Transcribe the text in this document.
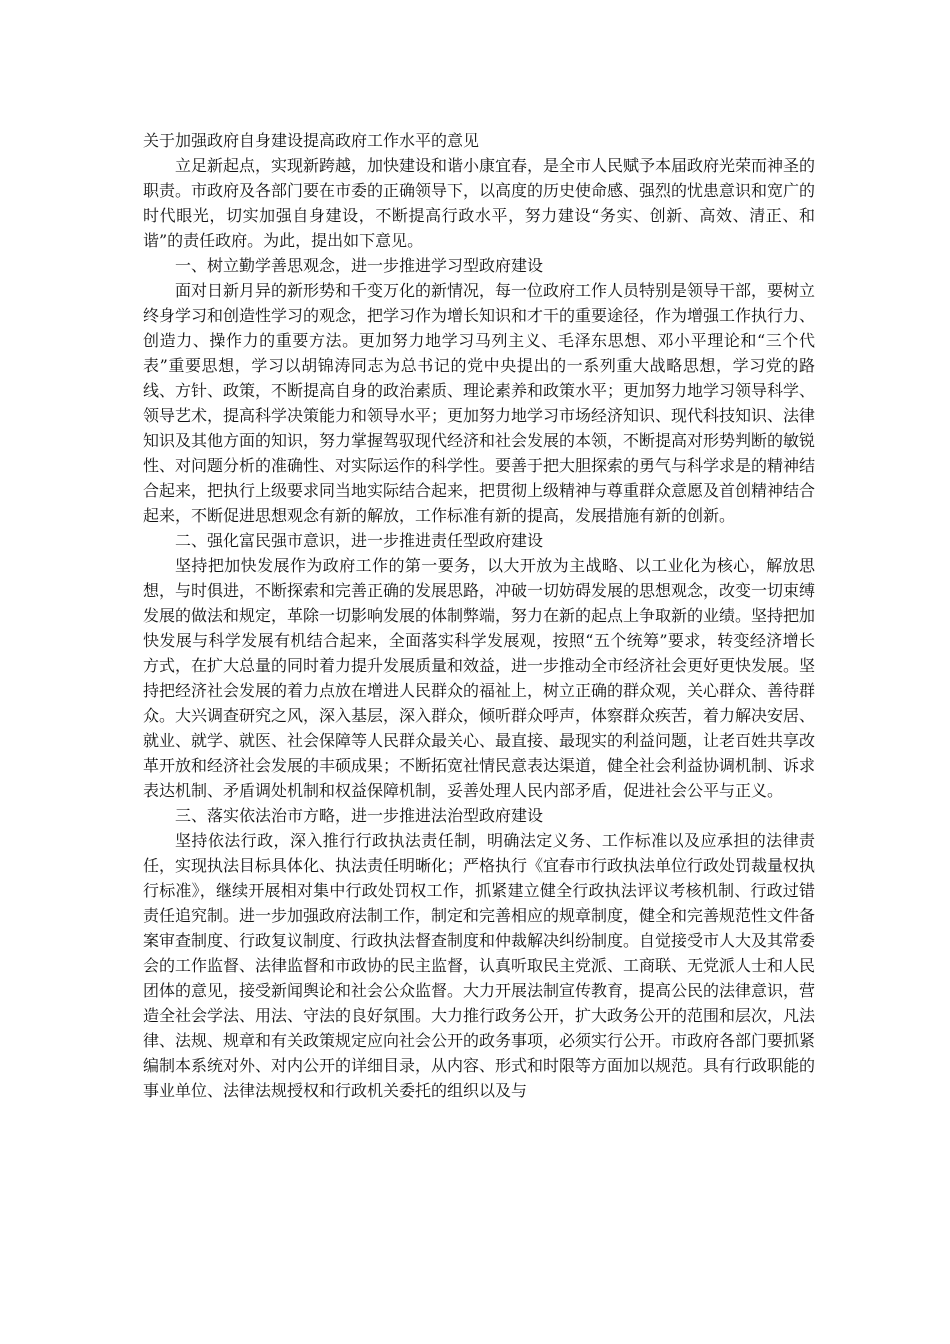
关于加强政府自身建设提高政府工作水平的意见

立足新起点，实现新跨越，加快建设和谐小康宜春，是全市人民赋予本届政府光荣而神圣的职责。市政府及各部门要在市委的正确领导下，以高度的历史使命感、强烈的忧患意识和宽广的时代眼光，切实加强自身建设，不断提高行政水平，努力建设“务实、创新、高效、清正、和谐”的责任政府。为此，提出如下意见。

一、树立勤学善思观念，进一步推进学习型政府建设

面对日新月异的新形势和千变万化的新情况，每一位政府工作人员特别是领导干部，要树立终身学习和创造性学习的观念，把学习作为增长知识和才干的重要途径，作为增强工作执行力、创造力、操作力的重要方法。更加努力地学习马列主义、毛泽东思想、邓小平理论和“三个代表”重要思想，学习以胡锦涛同志为总书记的党中央提出的一系列重大战略思想，学习党的路线、方针、政策，不断提高自身的政治素质、理论素养和政策水平；更加努力地学习领导科学、领导艺术，提高科学决策能力和领导水平；更加努力地学习市场经济知识、现代科技知识、法律知识及其他方面的知识，努力掌握驾驭现代经济和社会发展的本领，不断提高对形势判断的敏锐性、对问题分析的准确性、对实际运作的科学性。要善于把大胆探索的勇气与科学求是的精神结合起来，把执行上级要求同当地实际结合起来，把贯彻上级精神与尊重群众意愿及首创精神结合起来，不断促进思想观念有新的解放，工作标准有新的提高，发展措施有新的创新。

二、强化富民强市意识，进一步推进责任型政府建设

坚持把加快发展作为政府工作的第一要务，以大开放为主战略、以工业化为核心，解放思想，与时俱进，不断探索和完善正确的发展思路，冲破一切妨碍发展的思想观念，改变一切束缚发展的做法和规定，革除一切影响发展的体制弊端，努力在新的起点上争取新的业绩。坚持把加快发展与科学发展有机结合起来，全面落实科学发展观，按照“五个统筹”要求，转变经济增长方式，在扩大总量的同时着力提升发展质量和效益，进一步推动全市经济社会更好更快发展。坚持把经济社会发展的着力点放在增进人民群众的福祉上，树立正确的群众观，关心群众、善待群众。大兴调查研究之风，深入基层，深入群众，倾听群众呼声，体察群众疾苦，着力解决安居、就业、就学、就医、社会保障等人民群众最关心、最直接、最现实的利益问题，让老百姓共享改革开放和经济社会发展的丰硕成果；不断拓宽社情民意表达渠道，健全社会利益协调机制、诉求表达机制、矛盾调处机制和权益保障机制，妥善处理人民内部矛盾，促进社会公平与正义。

三、落实依法治市方略，进一步推进法治型政府建设

坚持依法行政，深入推行行政执法责任制，明确法定义务、工作标准以及应承担的法律责任，实现执法目标具体化、执法责任明晰化；严格执行《宜春市行政执法单位行政处罚裁量权执行标准》，继续开展相对集中行政处罚权工作，抓紧建立健全行政执法评议考核机制、行政过错责任追究制。进一步加强政府法制工作，制定和完善相应的规章制度，健全和完善规范性文件备案审查制度、行政复议制度、行政执法督查制度和仲裁解决纠纷制度。自觉接受市人大及其常委会的工作监督、法律监督和市政协的民主监督，认真听取民主党派、工商联、无党派人士和人民团体的意见，接受新闻舆论和社会公众监督。大力开展法制宣传教育，提高公民的法律意识，营造全社会学法、用法、守法的良好氛围。大力推行政务公开，扩大政务公开的范围和层次，凡法律、法规、规章和有关政策规定应向社会公开的政务事项，必须实行公开。市政府各部门要抓紧编制本系统对外、对内公开的详细目录，从内容、形式和时限等方面加以规范。具有行政职能的事业单位、法律法规授权和行政机关委托的组织以及与
